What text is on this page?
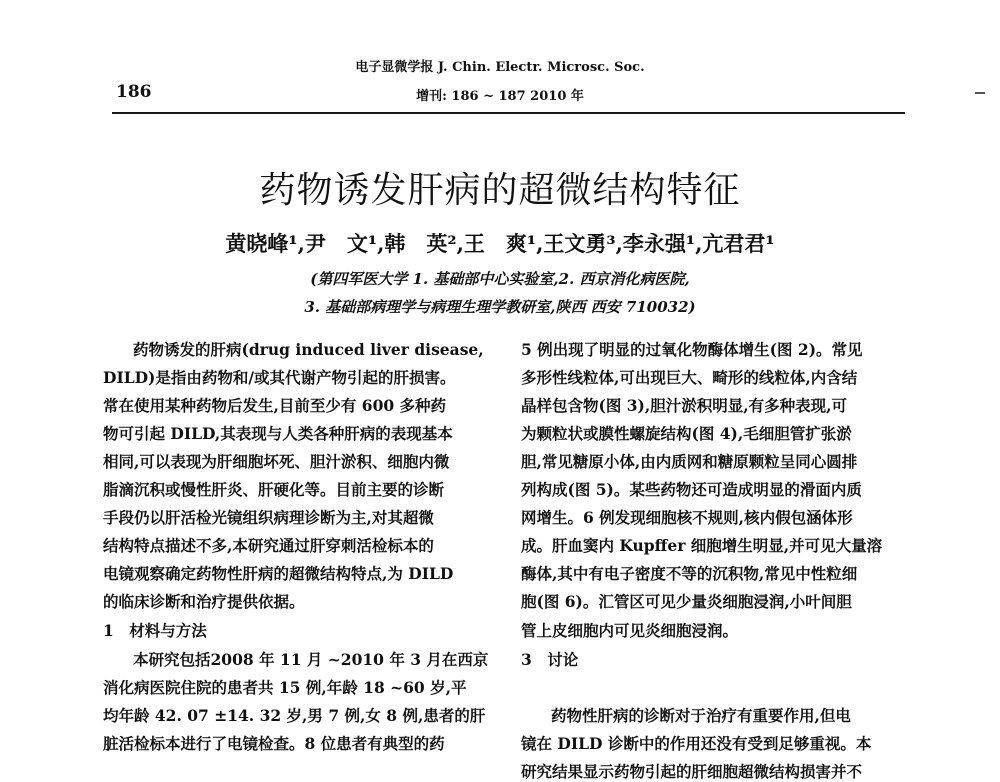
电子显微学报 J. Chin. Electr. Microsc. Soc.
186	增刊: 186 ~ 187 2010 年
药物诱发肝病的超微结构特征
黄晓峰¹,尹　文¹,韩　英²,王　爽¹,王文勇³,李永强¹,亢君君¹
(第四军医大学 1. 基础部中心实验室,2. 西京消化病医院,
3. 基础部病理学与病理生理学教研室,陕西 西安 710032)
药物诱发的肝病(drug induced liver disease,
DILD)是指由药物和/或其代谢产物引起的肝损害。
常在使用某种药物后发生,目前至少有 600 多种药
物可引起 DILD,其表现与人类各种肝病的表现基本
相同,可以表现为肝细胞坏死、胆汁淤积、细胞内微
脂滴沉积或慢性肝炎、肝硬化等。目前主要的诊断
手段仍以肝活检光镜组织病理诊断为主,对其超微
结构特点描述不多,本研究通过肝穿刺活检标本的
电镜观察确定药物性肝病的超微结构特点,为 DILD
的临床诊断和治疗提供依据。
1　材料与方法
本研究包括2008 年 11 月 ~2010 年 3 月在西京
消化病医院住院的患者共 15 例,年龄 18 ~60 岁,平
均年龄 42. 07 ±14. 32 岁,男 7 例,女 8 例,患者的肝
脏活检标本进行了电镜检查。8 位患者有典型的药
5 例出现了明显的过氧化物酶体增生(图 2)。常见
多形性线粒体,可出现巨大、畸形的线粒体,内含结
晶样包含物(图 3),胆汁淤积明显,有多种表现,可
为颗粒状或膜性螺旋结构(图 4),毛细胆管扩张淤
胆,常见糖原小体,由内质网和糖原颗粒呈同心圆排
列构成(图 5)。某些药物还可造成明显的滑面内质
网增生。6 例发现细胞核不规则,核内假包涵体形
成。肝血窦内 Kupffer 细胞增生明显,并可见大量溶
酶体,其中有电子密度不等的沉积物,常见中性粒细
胞(图 6)。汇管区可见少量炎细胞浸润,小叶间胆
管上皮细胞内可见炎细胞浸润。
3　讨论
药物性肝病的诊断对于治疗有重要作用,但电
镜在 DILD 诊断中的作用还没有受到足够重视。本
研究结果显示药物引起的肝细胞超微结构损害并不
